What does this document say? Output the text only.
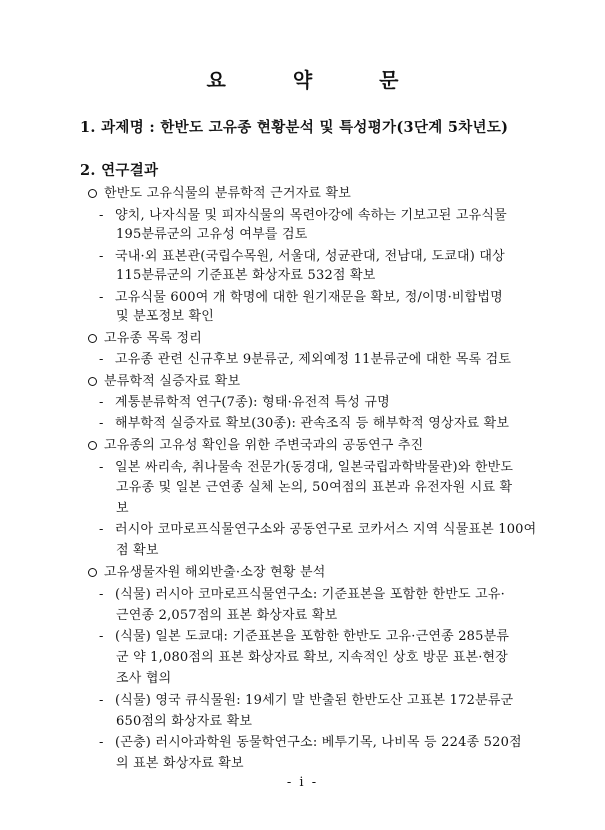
요 약 문
1. 과제명 : 한반도 고유종 현황분석 및 특성평가(3단계 5차년도)
2. 연구결과
한반도 고유식물의 분류학적 근거자료 확보
- 양치, 나자식물 및 피자식물의 목련아강에 속하는 기보고된 고유식물
195분류군의 고유성 여부를 검토
- 국내·외 표본관(국립수목원, 서울대, 성균관대, 전남대, 도쿄대) 대상
115분류군의 기준표본 화상자료 532점 확보
- 고유식물 600여 개 학명에 대한 원기재문을 확보, 정/이명·비합법명
및 분포정보 확인
고유종 목록 정리
- 고유종 관련 신규후보 9분류군, 제외예정 11분류군에 대한 목록 검토
분류학적 실증자료 확보
- 계통분류학적 연구(7종): 형태·유전적 특성 규명
- 해부학적 실증자료 확보(30종): 관속조직 등 해부학적 영상자료 확보
고유종의 고유성 확인을 위한 주변국과의 공동연구 추진
- 일본 싸리속, 취나물속 전문가(동경대, 일본국립과학박물관)와 한반도
고유종 및 일본 근연종 실체 논의, 50여점의 표본과 유전자원 시료 확
보
- 러시아 코마로프식물연구소와 공동연구로 코카서스 지역 식물표본 100여
점 확보
고유생물자원 해외반출·소장 현황 분석
- (식물) 러시아 코마로프식물연구소: 기준표본을 포함한 한반도 고유·
근연종 2,057점의 표본 화상자료 확보
- (식물) 일본 도쿄대: 기준표본을 포함한 한반도 고유·근연종 285분류
군 약 1,080점의 표본 화상자료 확보, 지속적인 상호 방문 표본·현장
조사 협의
- (식물) 영국 큐식물원: 19세기 말 반출된 한반도산 고표본 172분류군
650점의 화상자료 확보
- (곤충) 러시아과학원 동물학연구소: 베투기목, 나비목 등 224종 520점
의 표본 화상자료 확보
- i -
